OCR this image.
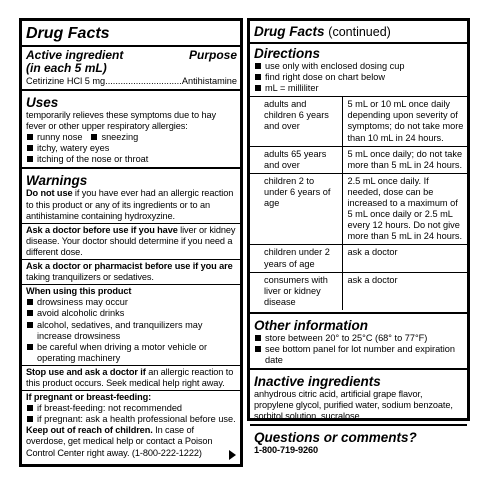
Drug Facts
Active ingredient	Purpose
(in each 5 mL)
Cetirizine HCl 5 mg .....	Antihistamine
Uses
temporarily relieves these symptoms due to hay fever or other upper respiratory allergies:
runny nose	sneezing
itchy, watery eyes
itching of the nose or throat
Warnings
Do not use if you have ever had an allergic reaction to this product or any of its ingredients or to an antihistamine containing hydroxyzine.
Ask a doctor before use if you have liver or kidney disease. Your doctor should determine if you need a different dose.
Ask a doctor or pharmacist before use if you are taking tranquilizers or sedatives.
When using this product
drowsiness may occur
avoid alcoholic drinks
alcohol, sedatives, and tranquilizers may increase drowsiness
be careful when driving a motor vehicle or operating machinery
Stop use and ask a doctor if an allergic reaction to this product occurs. Seek medical help right away.
If pregnant or breast-feeding:
if breast-feeding: not recommended
if pregnant: ask a health professional before use.
Keep out of reach of children. In case of overdose, get medical help or contact a Poison Control Center right away. (1-800-222-1222)
Drug Facts (continued)
Directions
use only with enclosed dosing cup
find right dose on chart below
mL = milliliter
adults and children 6 years and over	5 mL or 10 mL once daily depending upon severity of symptoms; do not take more than 10 mL in 24 hours.
adults 65 years and over	5 mL once daily; do not take more than 5 mL in 24 hours.
children 2 to under 6 years of age	2.5 mL once daily. If needed, dose can be increased to a maximum of 5 mL once daily or 2.5 mL every 12 hours. Do not give more than 5 mL in 24 hours.
children under 2 years of age	ask a doctor
consumers with liver or kidney disease	ask a doctor
Other information
store between 20° to 25°C (68° to 77°F)
see bottom panel for lot number and expiration date
Inactive ingredients
anhydrous citric acid, artificial grape flavor, propylene glycol, purified water, sodium benzoate, sorbitol solution, sucralose
Questions or comments?
1-800-719-9260
